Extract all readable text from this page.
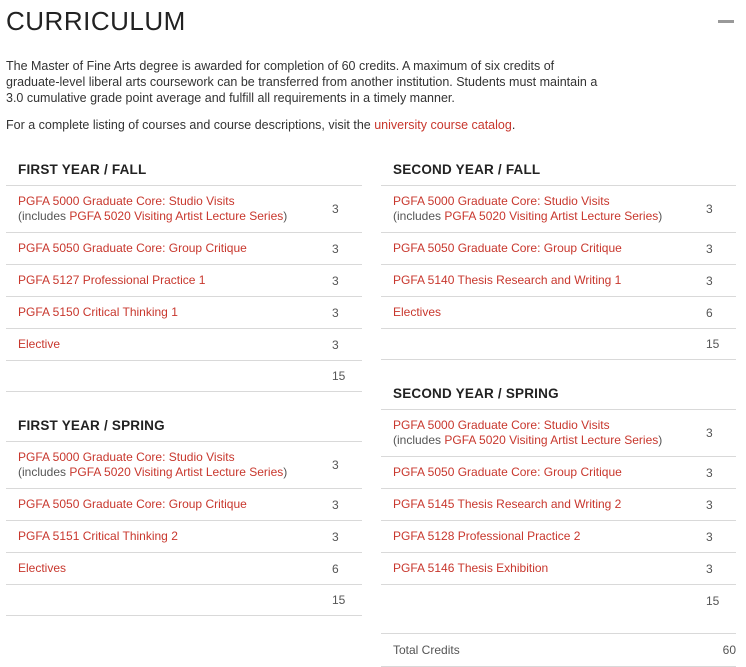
CURRICULUM
The Master of Fine Arts degree is awarded for completion of 60 credits. A maximum of six credits of graduate-level liberal arts coursework can be transferred from another institution. Students must maintain a 3.0 cumulative grade point average and fulfill all requirements in a timely manner.
For a complete listing of courses and course descriptions, visit the university course catalog.
FIRST YEAR / FALL
PGFA 5000 Graduate Core: Studio Visits
(includes PGFA 5020 Visiting Artist Lecture Series)	3
PGFA 5050 Graduate Core: Group Critique	3
PGFA 5127 Professional Practice 1	3
PGFA 5150 Critical Thinking 1	3
Elective	3
15
FIRST YEAR / SPRING
PGFA 5000 Graduate Core: Studio Visits
(includes PGFA 5020 Visiting Artist Lecture Series)	3
PGFA 5050 Graduate Core: Group Critique	3
PGFA 5151 Critical Thinking 2	3
Electives	6
15
SECOND YEAR / FALL
PGFA 5000 Graduate Core: Studio Visits
(includes PGFA 5020 Visiting Artist Lecture Series)	3
PGFA 5050 Graduate Core: Group Critique	3
PGFA 5140 Thesis Research and Writing 1	3
Electives	6
15
SECOND YEAR / SPRING
PGFA 5000 Graduate Core: Studio Visits
(includes PGFA 5020 Visiting Artist Lecture Series)	3
PGFA 5050 Graduate Core: Group Critique	3
PGFA 5145 Thesis Research and Writing 2	3
PGFA 5128 Professional Practice 2	3
PGFA 5146 Thesis Exhibition	3
15
Total Credits	60
